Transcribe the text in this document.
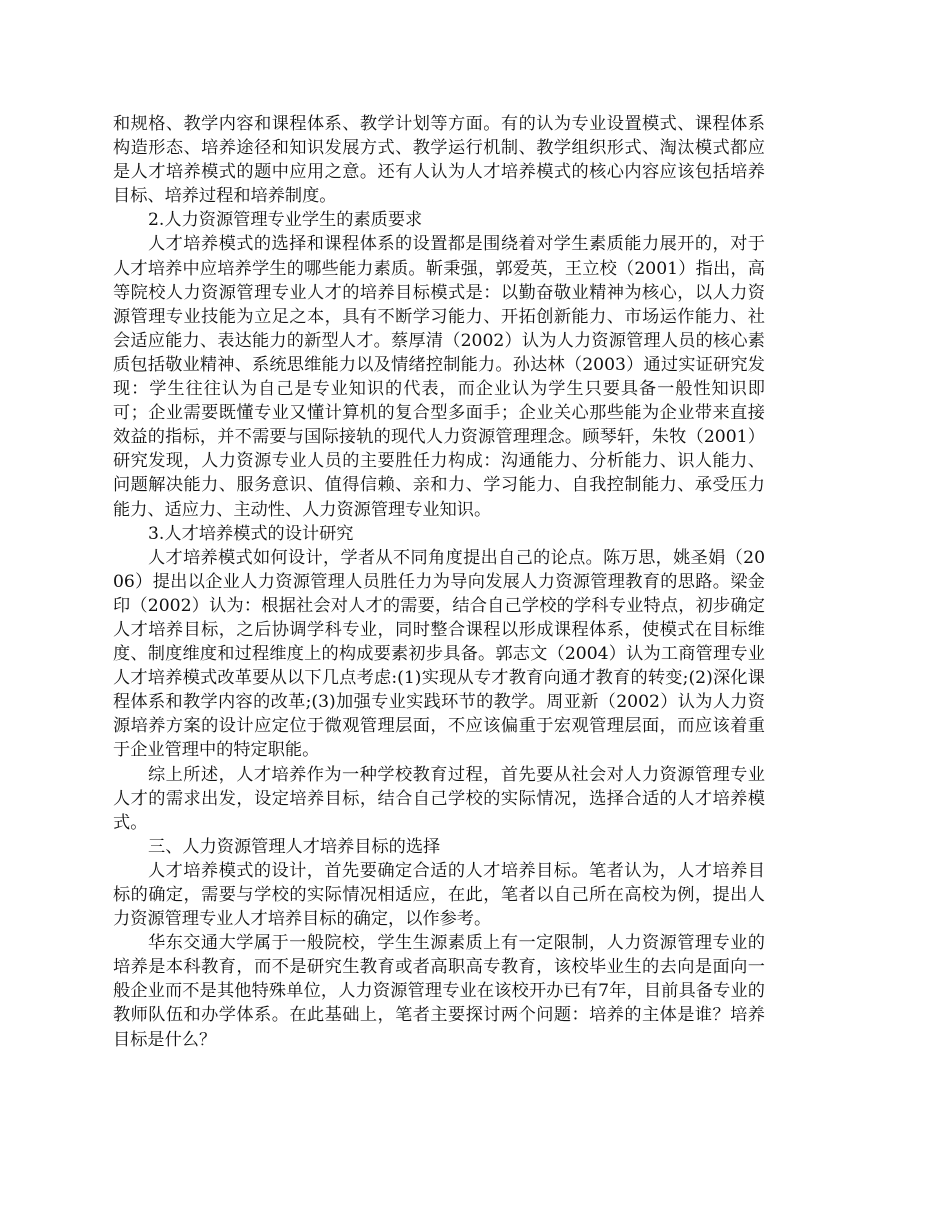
和规格、教学内容和课程体系、教学计划等方面。有的认为专业设置模式、课程体系构造形态、培养途径和知识发展方式、教学运行机制、教学组织形式、淘汰模式都应是人才培养模式的题中应用之意。还有人认为人才培养模式的核心内容应该包括培养目标、培养过程和培养制度。

2.人力资源管理专业学生的素质要求

人才培养模式的选择和课程体系的设置都是围绕着对学生素质能力展开的，对于人才培养中应培养学生的哪些能力素质。靳秉强，郭爱英，王立校（2001）指出，高等院校人力资源管理专业人才的培养目标模式是：以勤奋敬业精神为核心，以人力资源管理专业技能为立足之本，具有不断学习能力、开拓创新能力、市场运作能力、社会适应能力、表达能力的新型人才。蔡厚清（2002）认为人力资源管理人员的核心素质包括敬业精神、系统思维能力以及情绪控制能力。孙达林（2003）通过实证研究发现：学生往往认为自己是专业知识的代表，而企业认为学生只要具备一般性知识即可；企业需要既懂专业又懂计算机的复合型多面手；企业关心那些能为企业带来直接效益的指标，并不需要与国际接轨的现代人力资源管理理念。顾琴轩，朱牧（2001）研究发现，人力资源专业人员的主要胜任力构成：沟通能力、分析能力、识人能力、问题解决能力、服务意识、值得信赖、亲和力、学习能力、自我控制能力、承受压力能力、适应力、主动性、人力资源管理专业知识。

3.人才培养模式的设计研究

人才培养模式如何设计，学者从不同角度提出自己的论点。陈万思，姚圣娟（2006）提出以企业人力资源管理人员胜任力为导向发展人力资源管理教育的思路。梁金印（2002）认为：根据社会对人才的需要，结合自己学校的学科专业特点，初步确定人才培养目标，之后协调学科专业，同时整合课程以形成课程体系，使模式在目标维度、制度维度和过程维度上的构成要素初步具备。郭志文（2004）认为工商管理专业人才培养模式改革要从以下几点考虑:(1)实现从专才教育向通才教育的转变;(2)深化课程体系和教学内容的改革;(3)加强专业实践环节的教学。周亚新（2002）认为人力资源培养方案的设计应定位于微观管理层面，不应该偏重于宏观管理层面，而应该着重于企业管理中的特定职能。

综上所述，人才培养作为一种学校教育过程，首先要从社会对人力资源管理专业人才的需求出发，设定培养目标，结合自己学校的实际情况，选择合适的人才培养模式。

三、人力资源管理人才培养目标的选择

人才培养模式的设计，首先要确定合适的人才培养目标。笔者认为，人才培养目标的确定，需要与学校的实际情况相适应，在此，笔者以自己所在高校为例，提出人力资源管理专业人才培养目标的确定，以作参考。

华东交通大学属于一般院校，学生生源素质上有一定限制，人力资源管理专业的培养是本科教育，而不是研究生教育或者高职高专教育，该校毕业生的去向是面向一般企业而不是其他特殊单位，人力资源管理专业在该校开办已有7年，目前具备专业的教师队伍和办学体系。在此基础上，笔者主要探讨两个问题：培养的主体是谁？培养目标是什么？
